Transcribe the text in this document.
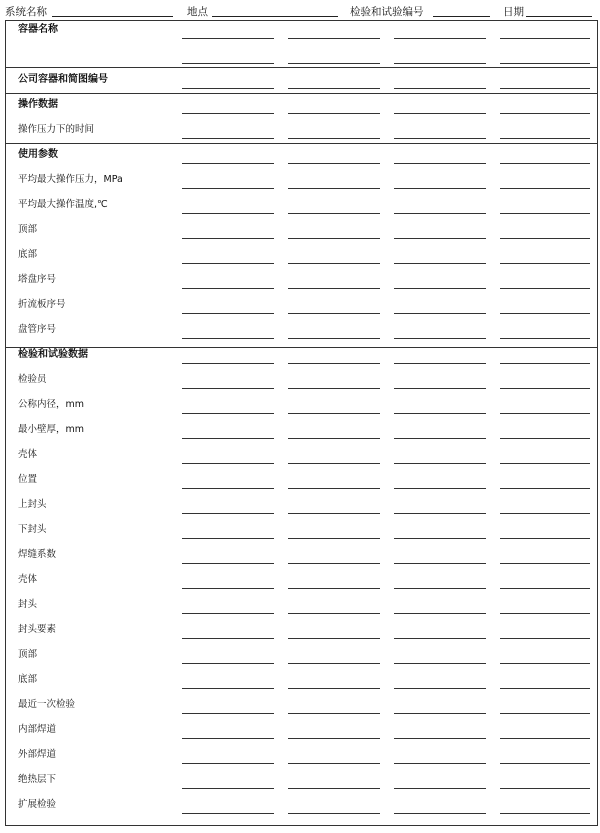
系统名称	地点	检验和试验编号	日期
容器名称
公司容器和简图编号
操作数据
操作压力下的时间
使用参数
平均最大操作压力，MPa
平均最大操作温度,℃
顶部
底部
塔盘序号
折流板序号
盘管序号
检验和试验数据
检验员
公称内径，mm
最小壁厚，mm
壳体
位置
上封头
下封头
焊缝系数
壳体
封头
封头要素
顶部
底部
最近一次检验
内部焊道
外部焊道
绝热层下
扩展检验
